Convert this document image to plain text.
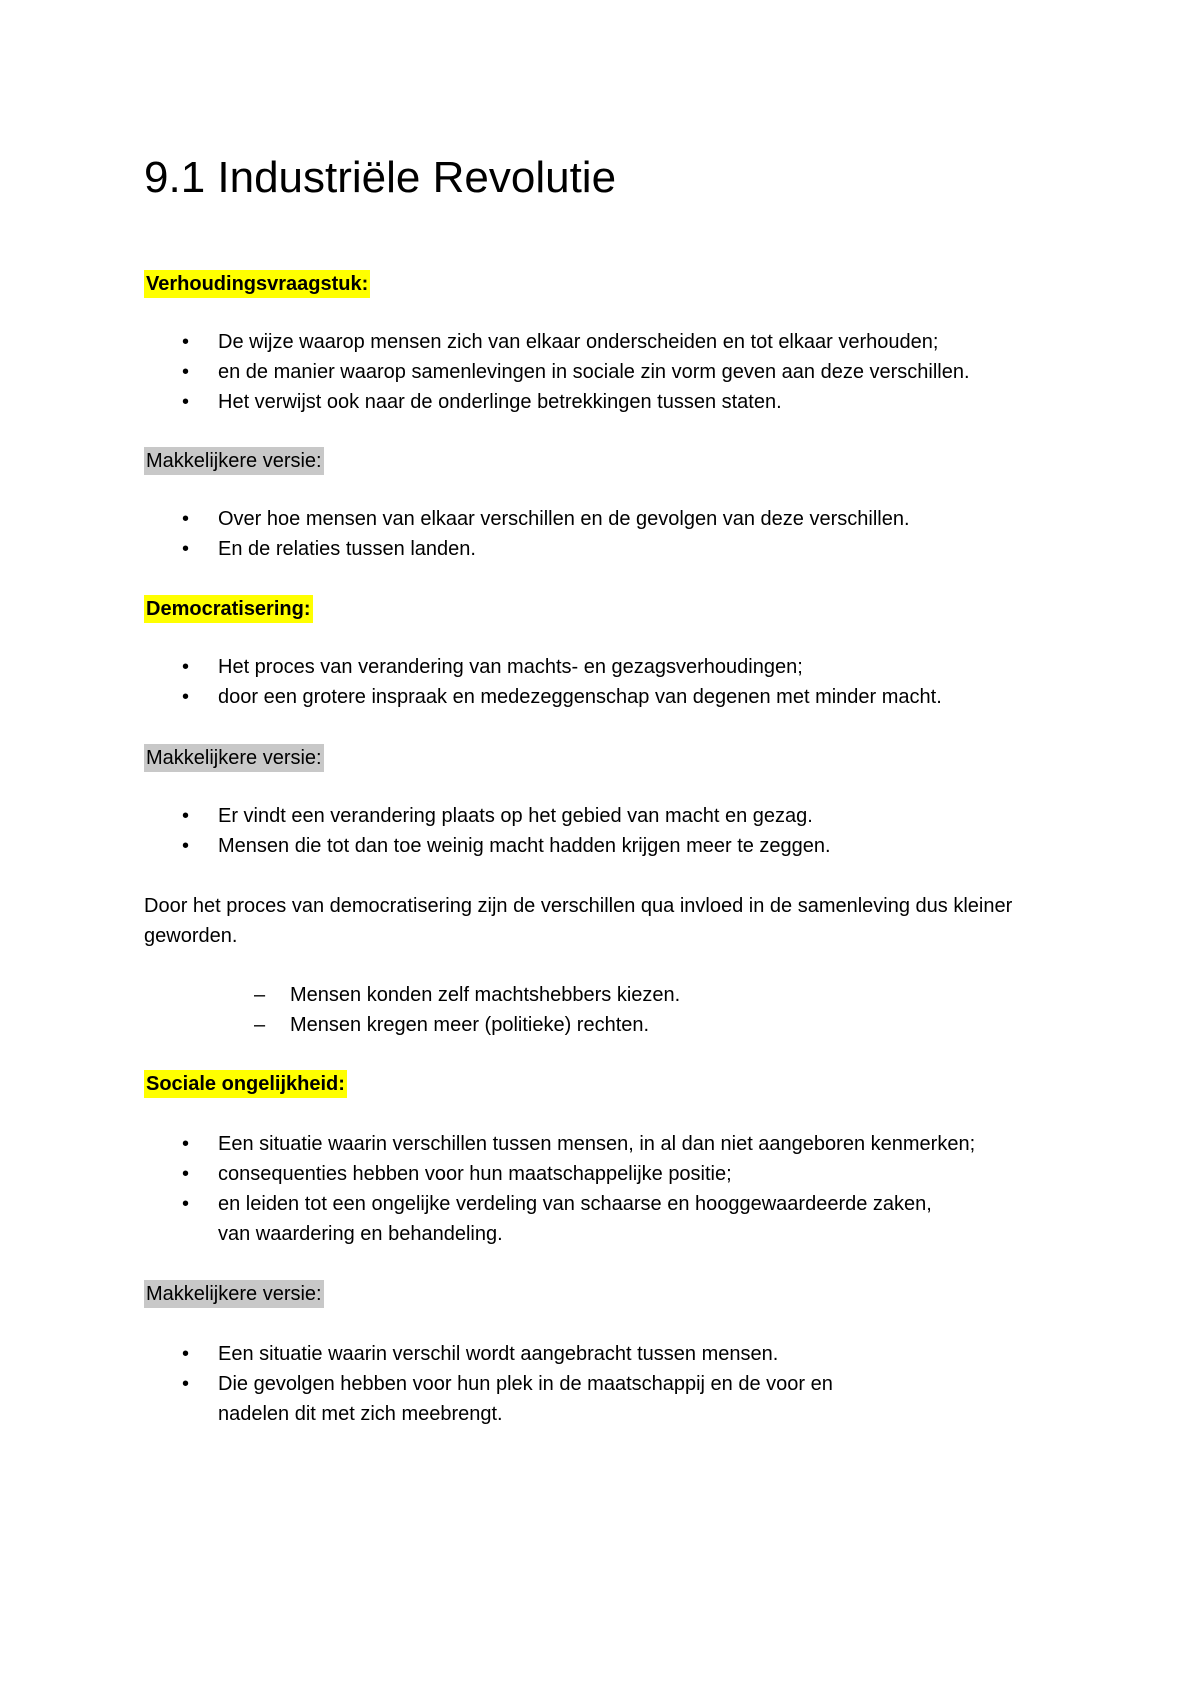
9.1 Industriële Revolutie
Verhoudingsvraagstuk:
• De wijze waarop mensen zich van elkaar onderscheiden en tot elkaar verhouden;
• en de manier waarop samenlevingen in sociale zin vorm geven aan deze verschillen.
• Het verwijst ook naar de onderlinge betrekkingen tussen staten.
Makkelijkere versie:
• Over hoe mensen van elkaar verschillen en de gevolgen van deze verschillen.
• En de relaties tussen landen.
Democratisering:
• Het proces van verandering van machts- en gezagsverhoudingen;
• door een grotere inspraak en medezeggenschap van degenen met minder macht.
Makkelijkere versie:
• Er vindt een verandering plaats op het gebied van macht en gezag.
• Mensen die tot dan toe weinig macht hadden krijgen meer te zeggen.

Door het proces van democratisering zijn de verschillen qua invloed in de samenleving dus kleiner geworden.

– Mensen konden zelf machtshebbers kiezen.
– Mensen kregen meer (politieke) rechten.
Sociale ongelijkheid:
• Een situatie waarin verschillen tussen mensen, in al dan niet aangeboren kenmerken;
• consequenties hebben voor hun maatschappelijke positie;
• en leiden tot een ongelijke verdeling van schaarse en hooggewaardeerde zaken, van waardering en behandeling.
Makkelijkere versie:
• Een situatie waarin verschil wordt aangebracht tussen mensen.
• Die gevolgen hebben voor hun plek in de maatschappij en de voor en nadelen dit met zich meebrengt.
